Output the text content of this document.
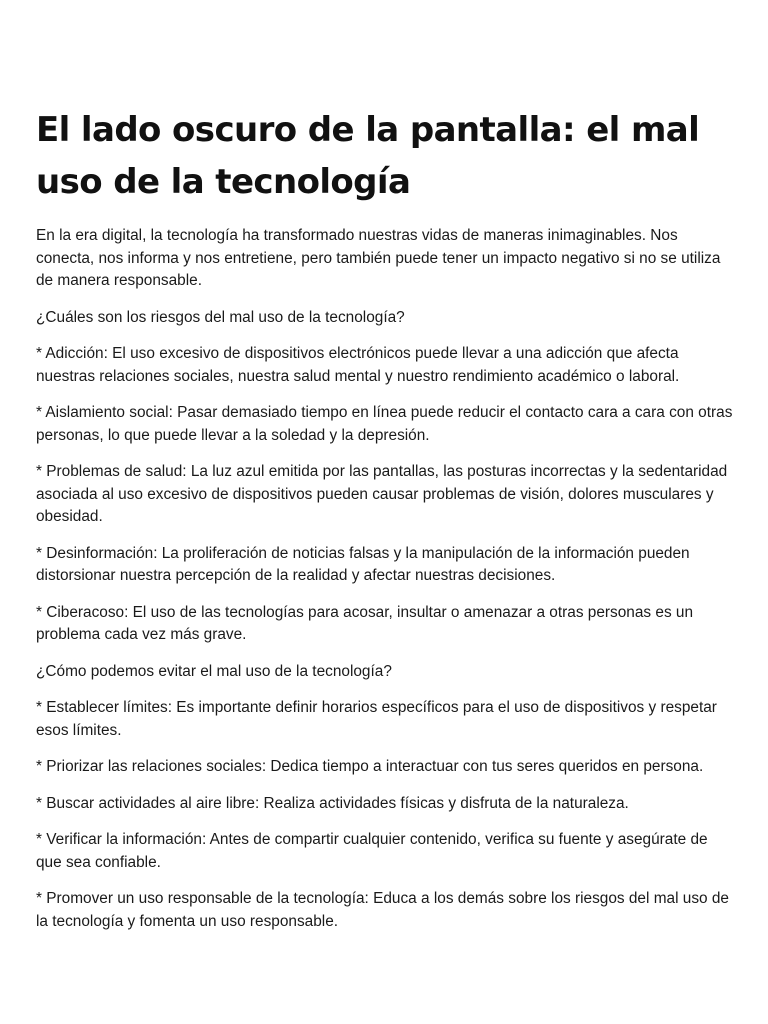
El lado oscuro de la pantalla: el mal uso de la tecnología

En la era digital, la tecnología ha transformado nuestras vidas de maneras inimaginables. Nos conecta, nos informa y nos entretiene, pero también puede tener un impacto negativo si no se utiliza de manera responsable.

¿Cuáles son los riesgos del mal uso de la tecnología?

* Adicción: El uso excesivo de dispositivos electrónicos puede llevar a una adicción que afecta nuestras relaciones sociales, nuestra salud mental y nuestro rendimiento académico o laboral.

* Aislamiento social: Pasar demasiado tiempo en línea puede reducir el contacto cara a cara con otras personas, lo que puede llevar a la soledad y la depresión.

* Problemas de salud: La luz azul emitida por las pantallas, las posturas incorrectas y la sedentaridad asociada al uso excesivo de dispositivos pueden causar problemas de visión, dolores musculares y obesidad.

* Desinformación: La proliferación de noticias falsas y la manipulación de la información pueden distorsionar nuestra percepción de la realidad y afectar nuestras decisiones.

* Ciberacoso: El uso de las tecnologías para acosar, insultar o amenazar a otras personas es un problema cada vez más grave.

¿Cómo podemos evitar el mal uso de la tecnología?

* Establecer límites: Es importante definir horarios específicos para el uso de dispositivos y respetar esos límites.

* Priorizar las relaciones sociales: Dedica tiempo a interactuar con tus seres queridos en persona.

* Buscar actividades al aire libre: Realiza actividades físicas y disfruta de la naturaleza.

* Verificar la información: Antes de compartir cualquier contenido, verifica su fuente y asegúrate de que sea confiable.

* Promover un uso responsable de la tecnología: Educa a los demás sobre los riesgos del mal uso de la tecnología y fomenta un uso responsable.
